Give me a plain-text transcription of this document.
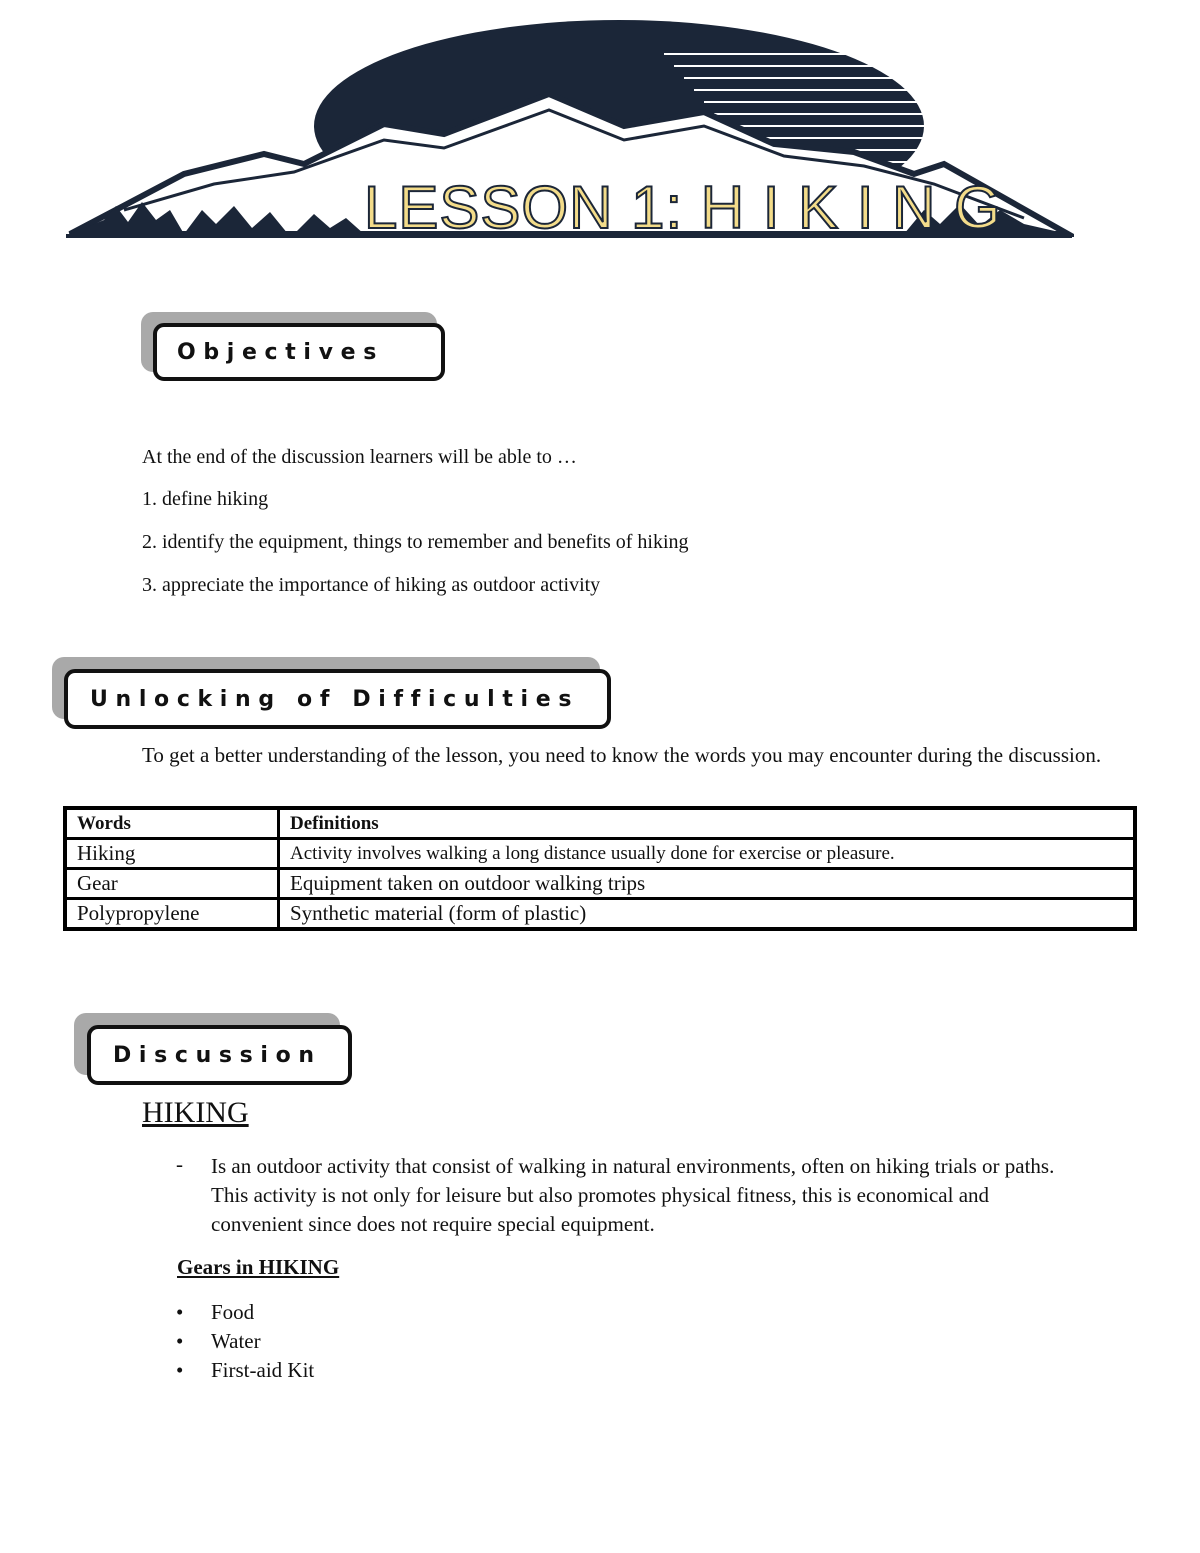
LESSON 1: H I K I N G
O b j e c t i v e s
At the end of the discussion learners will be able to …
1. define hiking
2. identify the equipment, things to remember and benefits of hiking
3. appreciate the importance of hiking as outdoor activity
U n l o c k i n g   o f   D i f f i c u l t i e s
To get a better understanding of the lesson, you need to know the words you may encounter during the discussion.
Words	Definitions
Hiking	Activity involves walking a long distance usually done for exercise or pleasure.
Gear	Equipment taken on outdoor walking trips
Polypropylene	Synthetic material (form of plastic)
D i s c u s s i o n
HIKING
- Is an outdoor activity that consist of walking in natural environments, often on hiking trials or paths. This activity is not only for leisure but also promotes physical fitness, this is economical and convenient since does not require special equipment.
Gears in HIKING
•	Food
•	Water
•	First-aid Kit
